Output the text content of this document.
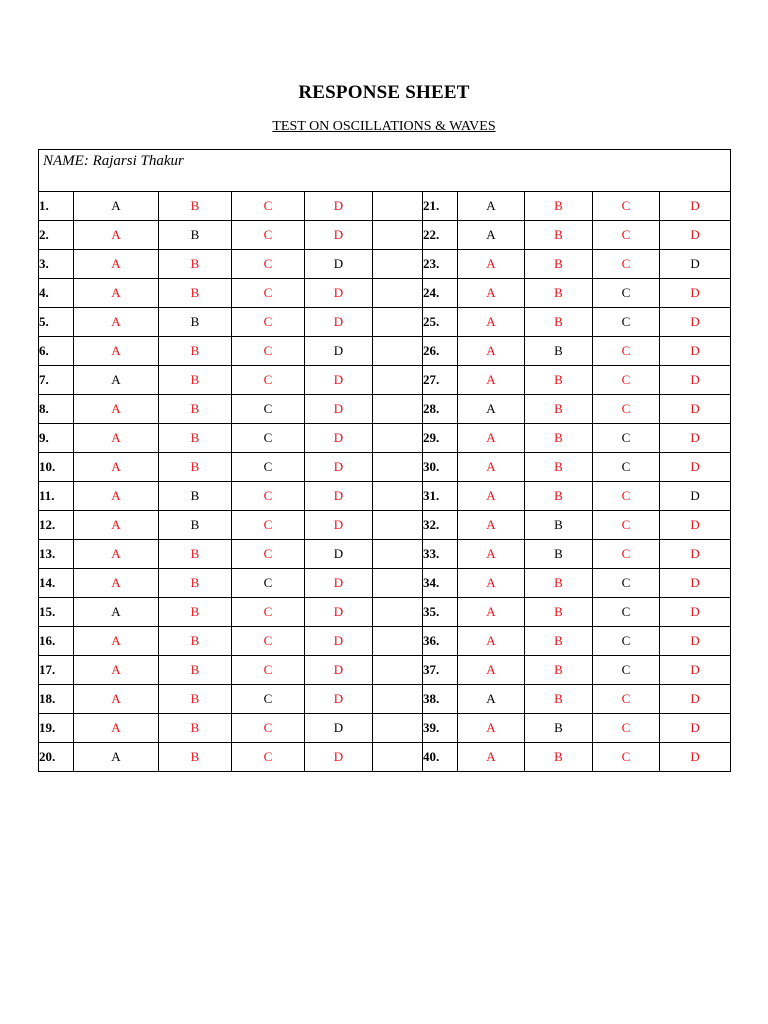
RESPONSE SHEET
TEST ON OSCILLATIONS & WAVES
NAME: Rajarsi Thakur										
1.	A	B	C	D		21.	A	B	C	D
2.	A	B	C	D		22.	A	B	C	D
3.	A	B	C	D		23.	A	B	C	D
4.	A	B	C	D		24.	A	B	C	D
5.	A	B	C	D		25.	A	B	C	D
6.	A	B	C	D		26.	A	B	C	D
7.	A	B	C	D		27.	A	B	C	D
8.	A	B	C	D		28.	A	B	C	D
9.	A	B	C	D		29.	A	B	C	D
10.	A	B	C	D		30.	A	B	C	D
11.	A	B	C	D		31.	A	B	C	D
12.	A	B	C	D		32.	A	B	C	D
13.	A	B	C	D		33.	A	B	C	D
14.	A	B	C	D		34.	A	B	C	D
15.	A	B	C	D		35.	A	B	C	D
16.	A	B	C	D		36.	A	B	C	D
17.	A	B	C	D		37.	A	B	C	D
18.	A	B	C	D		38.	A	B	C	D
19.	A	B	C	D		39.	A	B	C	D
20.	A	B	C	D		40.	A	B	C	D
